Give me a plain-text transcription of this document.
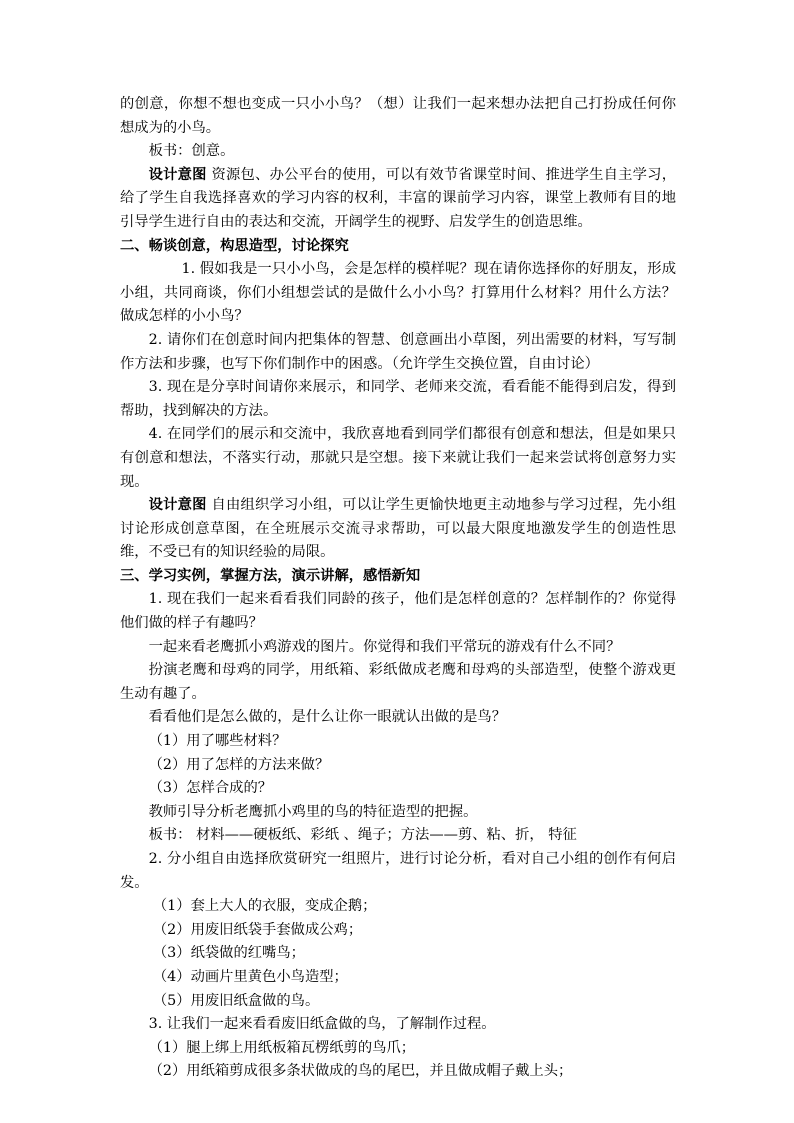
的创意，你想不想也变成一只小小鸟？（想）让我们一起来想办法把自己打扮成任何你想成为的小鸟。

板书：创意。

设计意图 资源包、办公平台的使用，可以有效节省课堂时间、推进学生自主学习，给了学生自我选择喜欢的学习内容的权利，丰富的课前学习内容，课堂上教师有目的地引导学生进行自由的表达和交流，开阔学生的视野、启发学生的创造思维。

二、畅谈创意，构思造型，讨论探究

1. 假如我是一只小小鸟，会是怎样的模样呢？现在请你选择你的好朋友，形成小组，共同商谈，你们小组想尝试的是做什么小小鸟？打算用什么材料？用什么方法？做成怎样的小小鸟？

2. 请你们在创意时间内把集体的智慧、创意画出小草图，列出需要的材料，写写制作方法和步骤，也写下你们制作中的困惑。（允许学生交换位置，自由讨论）

3. 现在是分享时间请你来展示，和同学、老师来交流，看看能不能得到启发，得到帮助，找到解决的方法。

4. 在同学们的展示和交流中，我欣喜地看到同学们都很有创意和想法，但是如果只有创意和想法，不落实行动，那就只是空想。接下来就让我们一起来尝试将创意努力实现。

设计意图 自由组织学习小组，可以让学生更愉快地更主动地参与学习过程，先小组讨论形成创意草图，在全班展示交流寻求帮助，可以最大限度地激发学生的创造性思维，不受已有的知识经验的局限。

三、学习实例，掌握方法，演示讲解，感悟新知

1. 现在我们一起来看看我们同龄的孩子，他们是怎样创意的？怎样制作的？你觉得他们做的样子有趣吗？

一起来看老鹰抓小鸡游戏的图片。你觉得和我们平常玩的游戏有什么不同？

扮演老鹰和母鸡的同学，用纸箱、彩纸做成老鹰和母鸡的头部造型，使整个游戏更生动有趣了。

看看他们是怎么做的，是什么让你一眼就认出做的是鸟？

（1）用了哪些材料？

（2）用了怎样的方法来做？

（3）怎样合成的？

教师引导分析老鹰抓小鸡里的鸟的特征造型的把握。

板书： 材料——硬板纸、彩纸 、绳子；方法——剪、粘、折， 特征

2. 分小组自由选择欣赏研究一组照片，进行讨论分析，看对自己小组的创作有何启发。

（1）套上大人的衣服，变成企鹅；

（2）用废旧纸袋手套做成公鸡；

（3）纸袋做的红嘴鸟；

（4）动画片里黄色小鸟造型；

（5）用废旧纸盒做的鸟。

3. 让我们一起来看看废旧纸盒做的鸟，了解制作过程。

（1）腿上绑上用纸板箱瓦楞纸剪的鸟爪；

（2）用纸箱剪成很多条状做成的鸟的尾巴，并且做成帽子戴上头；
